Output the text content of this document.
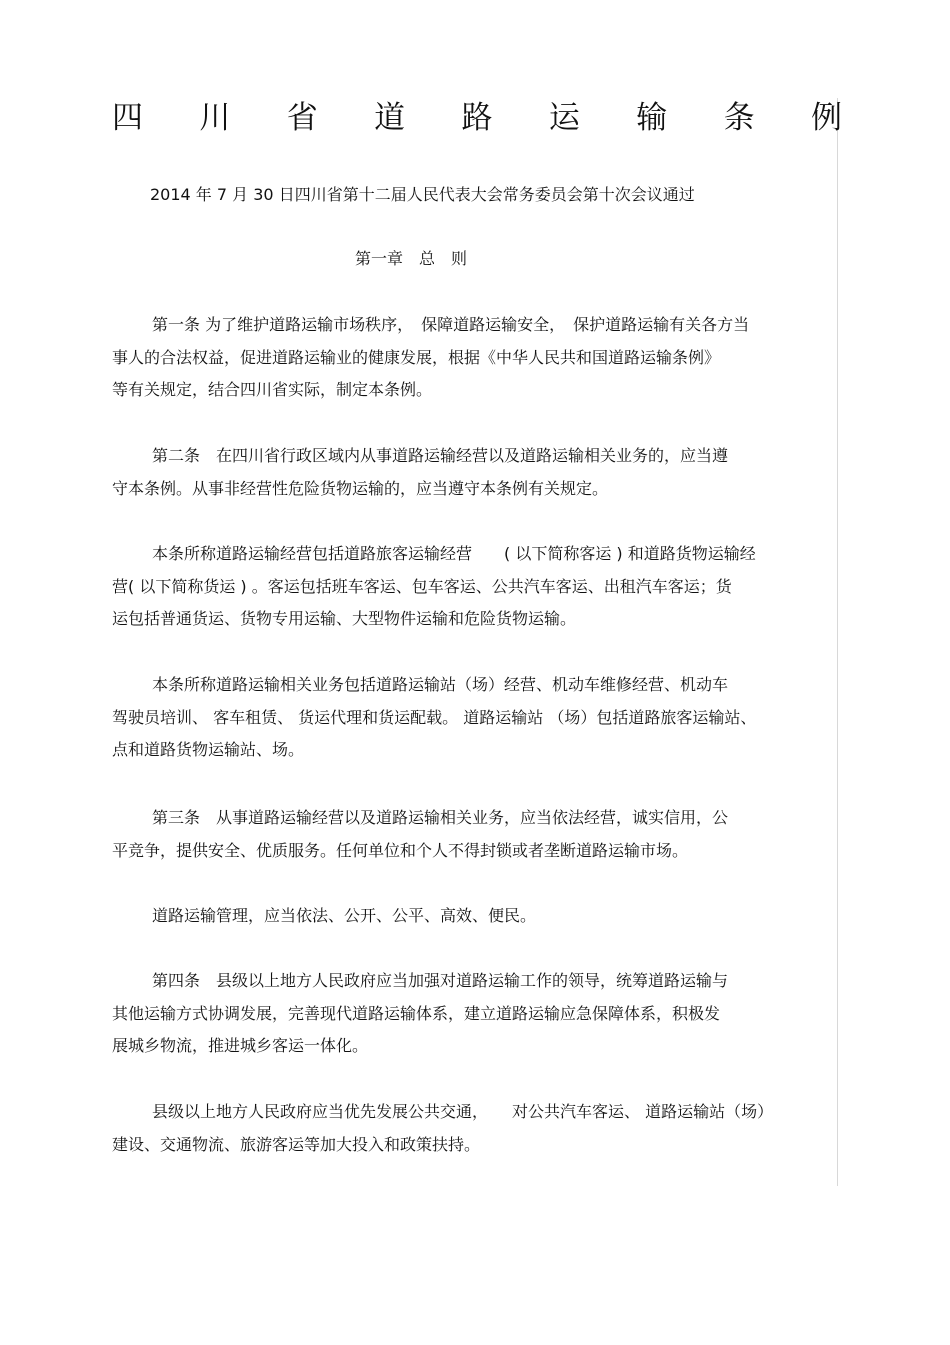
四 川 省 道 路 运 输 条 例
2014 年 7 月 30 日四川省第十二届人民代表大会常务委员会第十次会议通过
第一章　总　则
第一条 为了维护道路运输市场秩序，　保障道路运输安全，　保护道路运输有关各方当
事人的合法权益，促进道路运输业的健康发展，根据《中华人民共和国道路运输条例》
等有关规定，结合四川省实际，制定本条例。
第二条　在四川省行政区域内从事道路运输经营以及道路运输相关业务的，应当遵
守本条例。从事非经营性危险货物运输的，应当遵守本条例有关规定。
本条所称道路运输经营包括道路旅客运输经营　　( 以下简称客运 ) 和道路货物运输经
营( 以下简称货运 ) 。客运包括班车客运、包车客运、公共汽车客运、出租汽车客运；货
运包括普通货运、货物专用运输、大型物件运输和危险货物运输。
本条所称道路运输相关业务包括道路运输站（场）经营、机动车维修经营、机动车
驾驶员培训、 客车租赁、 货运代理和货运配载。 道路运输站 （场）包括道路旅客运输站、
点和道路货物运输站、场。
第三条　从事道路运输经营以及道路运输相关业务，应当依法经营，诚实信用，公
平竞争，提供安全、优质服务。任何单位和个人不得封锁或者垄断道路运输市场。
道路运输管理，应当依法、公开、公平、高效、便民。
第四条　县级以上地方人民政府应当加强对道路运输工作的领导，统筹道路运输与
其他运输方式协调发展，完善现代道路运输体系，建立道路运输应急保障体系，积极发
展城乡物流，推进城乡客运一体化。
县级以上地方人民政府应当优先发展公共交通，　　对公共汽车客运、 道路运输站（场）
建设、交通物流、旅游客运等加大投入和政策扶持。
